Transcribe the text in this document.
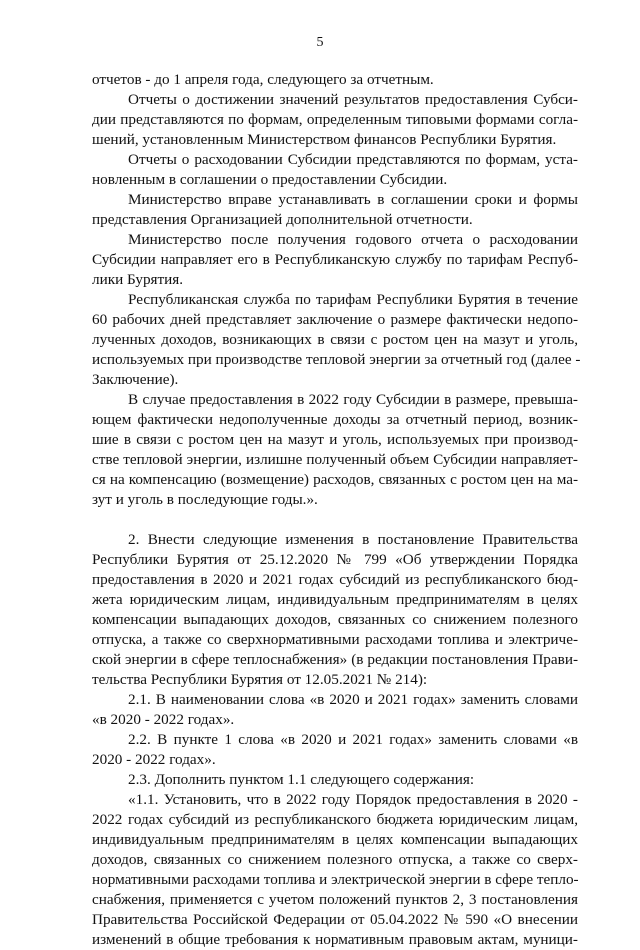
5
отчетов - до 1 апреля года, следующего за отчетным.
Отчеты о достижении значений результатов предоставления Субси-
дии представляются по формам, определенным типовыми формами согла-
шений, установленным Министерством финансов Республики Бурятия.
Отчеты о расходовании Субсидии представляются по формам, уста-
новленным в соглашении о предоставлении Субсидии.
Министерство вправе устанавливать в соглашении сроки и формы
представления Организацией дополнительной отчетности.
Министерство после получения годового отчета о расходовании
Субсидии направляет его в Республиканскую службу по тарифам Респуб-
лики Бурятия.
Республиканская служба по тарифам Республики Бурятия в течение
60 рабочих дней представляет заключение о размере фактически недопо-
лученных доходов, возникающих в связи с ростом цен на мазут и уголь,
используемых при производстве тепловой энергии за отчетный год (далее -
Заключение).
В случае предоставления в 2022 году Субсидии в размере, превыша-
ющем фактически недополученные доходы за отчетный период, возник-
шие в связи с ростом цен на мазут и уголь, используемых при производ-
стве тепловой энергии, излишне полученный объем Субсидии направляет-
ся на компенсацию (возмещение) расходов, связанных с ростом цен на ма-
зут и уголь в последующие годы.».
2. Внести следующие изменения в постановление Правительства
Республики Бурятия от 25.12.2020 № 799 «Об утверждении Порядка
предоставления в 2020 и 2021 годах субсидий из республиканского бюд-
жета юридическим лицам, индивидуальным предпринимателям в целях
компенсации выпадающих доходов, связанных со снижением полезного
отпуска, а также со сверхнормативными расходами топлива и электриче-
ской энергии в сфере теплоснабжения» (в редакции постановления Прави-
тельства Республики Бурятия от 12.05.2021 № 214):
2.1. В наименовании слова «в 2020 и 2021 годах» заменить словами
«в 2020 - 2022 годах».
2.2. В пункте 1 слова «в 2020 и 2021 годах» заменить словами «в
2020 - 2022 годах».
2.3. Дополнить пунктом 1.1 следующего содержания:
«1.1. Установить, что в 2022 году Порядок предоставления в 2020 -
2022 годах субсидий из республиканского бюджета юридическим лицам,
индивидуальным предпринимателям в целях компенсации выпадающих
доходов, связанных со снижением полезного отпуска, а также со сверх-
нормативными расходами топлива и электрической энергии в сфере тепло-
снабжения, применяется с учетом положений пунктов 2, 3 постановления
Правительства Российской Федерации от 05.04.2022 № 590 «О внесении
изменений в общие требования к нормативным правовым актам, муници-
